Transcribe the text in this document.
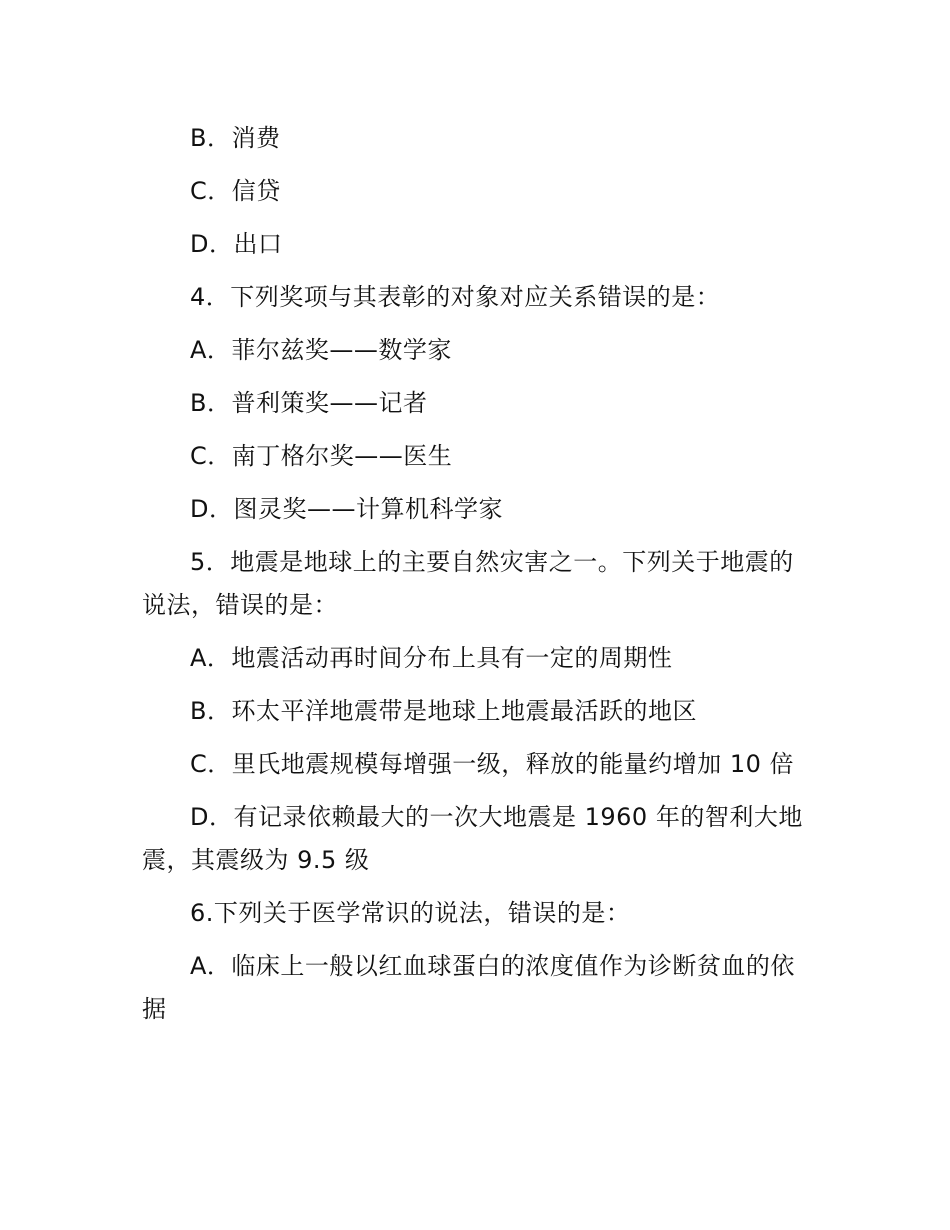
B．消费
C．信贷
D．出口
4．下列奖项与其表彰的对象对应关系错误的是：
A．菲尔兹奖——数学家
B．普利策奖——记者
C．南丁格尔奖——医生
D．图灵奖——计算机科学家
5．地震是地球上的主要自然灾害之一。下列关于地震的
说法，错误的是：
A．地震活动再时间分布上具有一定的周期性
B．环太平洋地震带是地球上地震最活跃的地区
C．里氏地震规模每增强一级，释放的能量约增加 10 倍
D．有记录依赖最大的一次大地震是 1960 年的智利大地
震，其震级为 9.5 级
6.下列关于医学常识的说法，错误的是：
A．临床上一般以红血球蛋白的浓度值作为诊断贫血的依
据
